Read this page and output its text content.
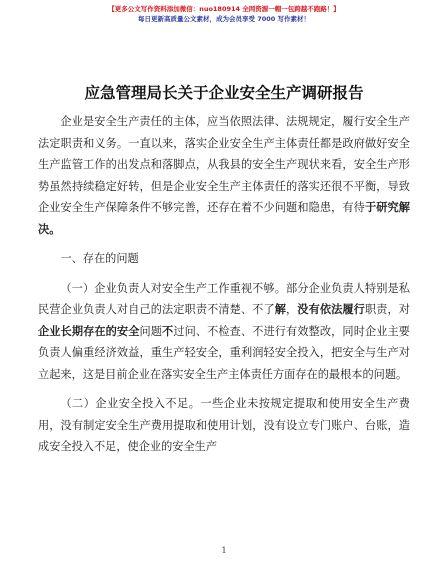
【更多公文写作资料添加微信：nuo180914 全网资源一帽一包跨越不跑路！】
每日更新高质量公文素材，成为会员享受 7000 写作素材！
应急管理局长关于企业安全生产调研报告

企业是安全生产责任的主体，应当依照法律、法规规定，履行安全生产法定职责和义务。一直以来，落实企业安全生产主体责任都是政府做好安全生产监管工作的出发点和落脚点，从我县的安全生产现状来看，安全生产形势虽然持续稳定好转，但是企业安全生产主体责任的落实还很不平衡，导致企业安全生产保障条件不够完善，还存在着不少问题和隐患，有待于研究解决。

一、存在的问题

（一）企业负责人对安全生产工作重视不够。部分企业负责人特别是私民营企业负责人对自己的法定职责不清楚、不了解，没有依法履行职责，对企业长期存在的安全问题不过问、不检查、不进行有效整改，同时企业主要负责人偏重经济效益，重生产轻安全，重利润轻安全投入，把安全与生产对立起来，这是目前企业在落实安全生产主体责任方面存在的最根本的问题。

（二）企业安全投入不足。一些企业未按规定提取和使用安全生产费用，没有制定安全生产费用提取和使用计划，没有设立专门账户、台账，造成安全投入不足，使企业的安全生产

1
